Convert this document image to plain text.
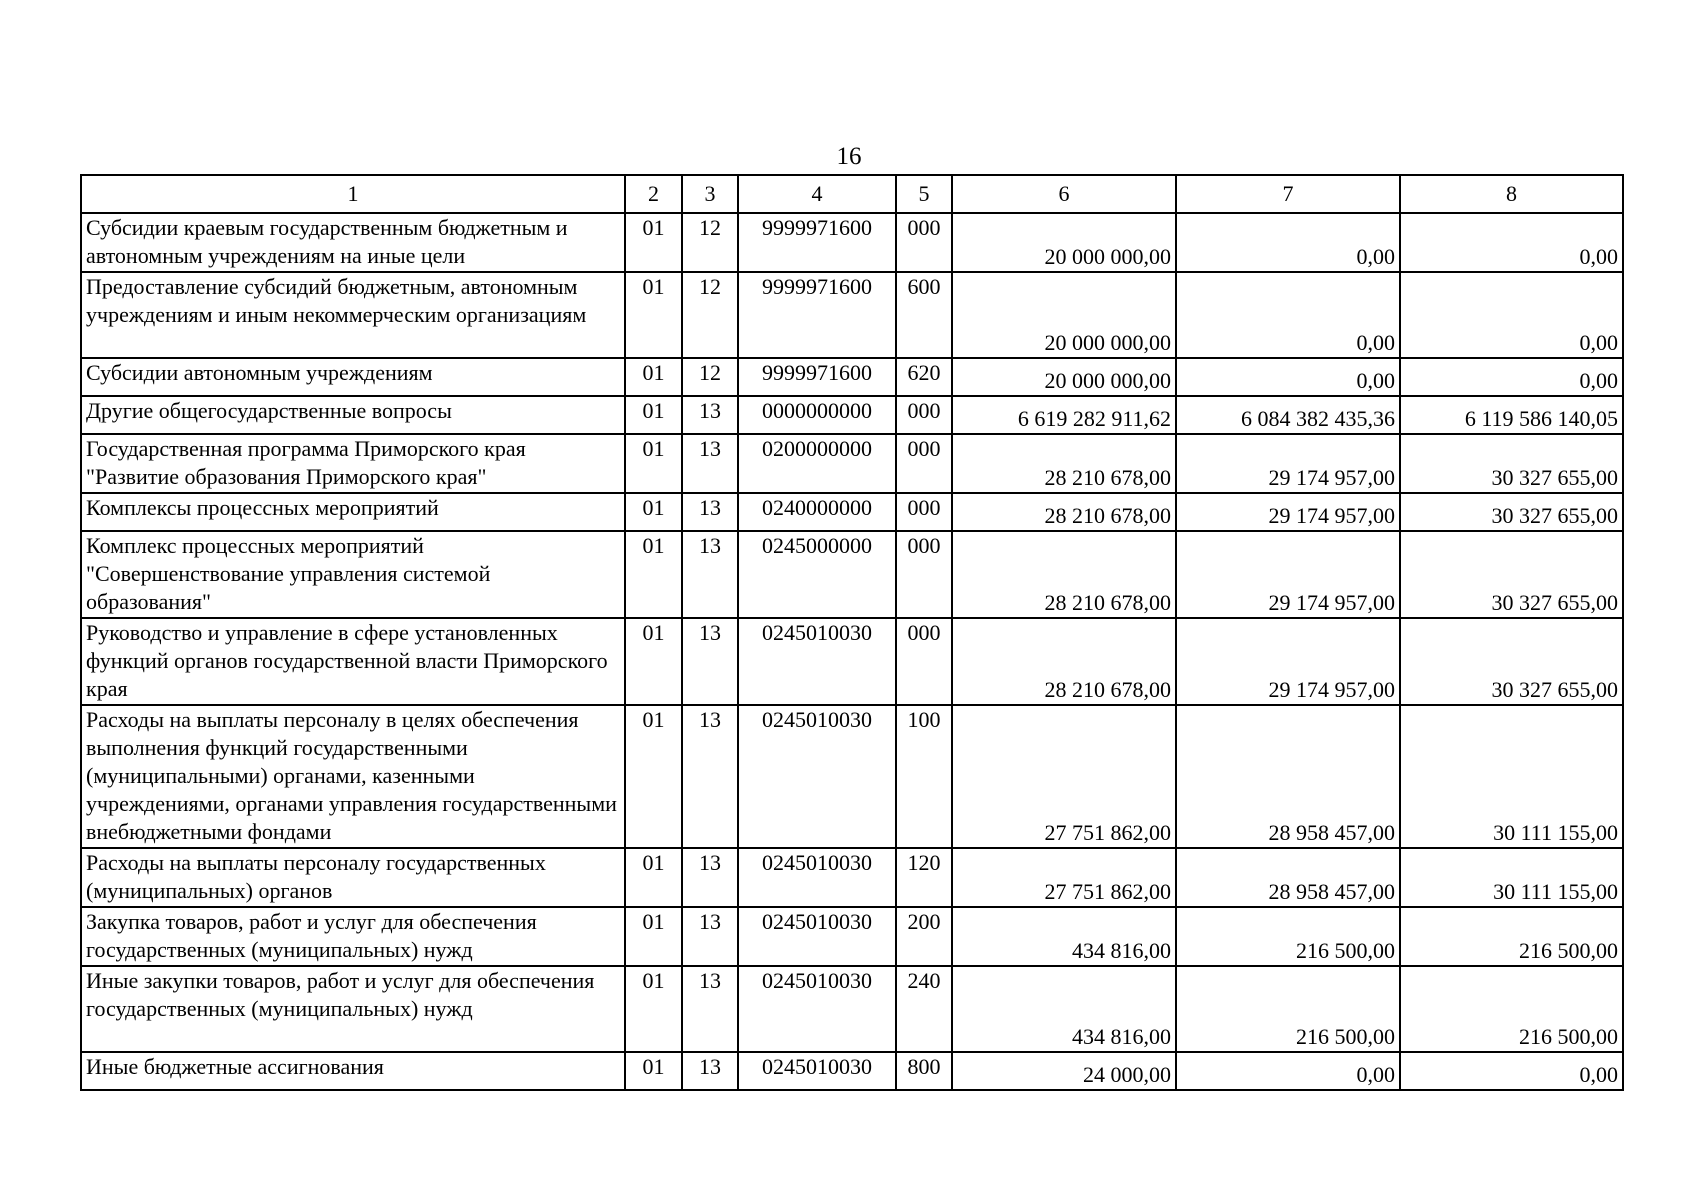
16
1	2	3	4	5	6	7	8
Субсидии краевым государственным бюджетным и автономным учреждениям на иные цели	01	12	9999971600	000	20 000 000,00	0,00	0,00
Предоставление субсидий бюджетным, автономным учреждениям и иным некоммерческим организациям	01	12	9999971600	600	20 000 000,00	0,00	0,00
Субсидии автономным учреждениям	01	12	9999971600	620	20 000 000,00	0,00	0,00
Другие общегосударственные вопросы	01	13	0000000000	000	6 619 282 911,62	6 084 382 435,36	6 119 586 140,05
Государственная программа Приморского края "Развитие образования Приморского края"	01	13	0200000000	000	28 210 678,00	29 174 957,00	30 327 655,00
Комплексы процессных мероприятий	01	13	0240000000	000	28 210 678,00	29 174 957,00	30 327 655,00
Комплекс процессных мероприятий "Совершенствование управления системой образования"	01	13	0245000000	000	28 210 678,00	29 174 957,00	30 327 655,00
Руководство и управление в сфере установленных функций органов государственной власти Приморского края	01	13	0245010030	000	28 210 678,00	29 174 957,00	30 327 655,00
Расходы на выплаты персоналу в целях обеспечения выполнения функций государственными (муниципальными) органами, казенными учреждениями, органами управления государственными внебюджетными фондами	01	13	0245010030	100	27 751 862,00	28 958 457,00	30 111 155,00
Расходы на выплаты персоналу государственных (муниципальных) органов	01	13	0245010030	120	27 751 862,00	28 958 457,00	30 111 155,00
Закупка товаров, работ и услуг для обеспечения государственных (муниципальных) нужд	01	13	0245010030	200	434 816,00	216 500,00	216 500,00
Иные закупки товаров, работ и услуг для обеспечения государственных (муниципальных) нужд	01	13	0245010030	240	434 816,00	216 500,00	216 500,00
Иные бюджетные ассигнования	01	13	0245010030	800	24 000,00	0,00	0,00
